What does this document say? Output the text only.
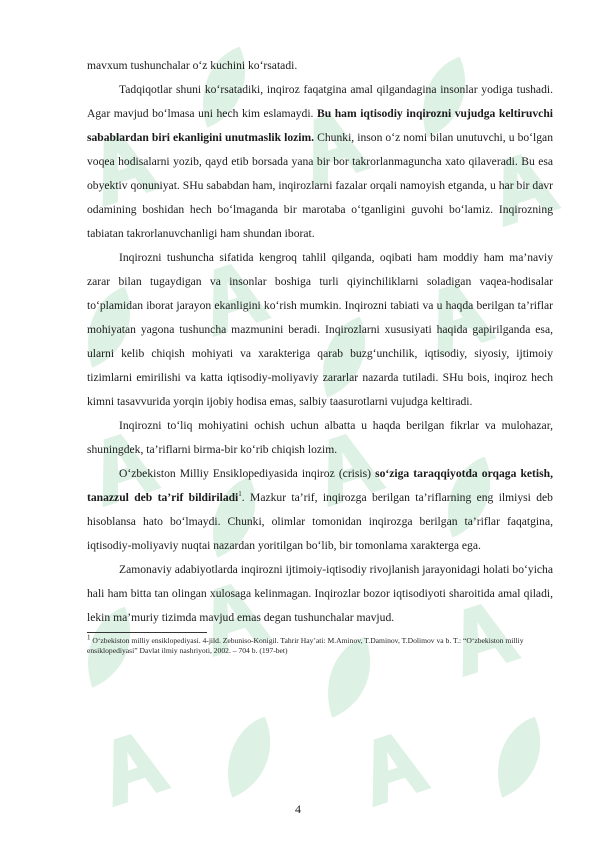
mavxum tushunchalar o‘z kuchini ko‘rsatadi.

Tadqiqotlar shuni ko‘rsatadiki, inqiroz faqatgina amal qilgandagina insonlar yodiga tushadi. Agar mavjud bo‘lmasa uni hech kim eslamaydi. Bu ham iqtisodiy inqirozni vujudga keltiruvchi sabablardan biri ekanligini unutmaslik lozim. Chunki, inson o‘z nomi bilan unutuvchi, u bo‘lgan voqea hodisalarni yozib, qayd etib borsada yana bir bor takrorlanmaguncha xato qilaveradi. Bu esa obyektiv qonuniyat. SHu sababdan ham, inqirozlarni fazalar orqali namoyish etganda, u har bir davr odamining boshidan hech bo‘lmaganda bir marotaba o‘tganligini guvohi bo‘lamiz. Inqirozning tabiatan takrorlanuvchanligi ham shundan iborat.

Inqirozni tushuncha sifatida kengroq tahlil qilganda, oqibati ham moddiy ham ma’naviy zarar bilan tugaydigan va insonlar boshiga turli qiyinchiliklarni soladigan vaqea-hodisalar to‘plamidan iborat jarayon ekanligini ko‘rish mumkin. Inqirozni tabiati va u haqda berilgan ta’riflar mohiyatan yagona tushuncha mazmunini beradi. Inqirozlarni xususiyati haqida gapirilganda esa, ularni kelib chiqish mohiyati va xarakteriga qarab buzg‘unchilik, iqtisodiy, siyosiy, ijtimoiy tizimlarni emirilishi va katta iqtisodiy-moliyaviy zararlar nazarda tutiladi. SHu bois, inqiroz hech kimni tasavvurida yorqin ijobiy hodisa emas, salbiy taasurotlarni vujudga keltiradi.

Inqirozni to‘liq mohiyatini ochish uchun albatta u haqda berilgan fikrlar va mulohazar, shuningdek, ta’riflarni birma-bir ko‘rib chiqish lozim.

O‘zbekiston Milliy Ensiklopediyasida inqiroz (crisis) so‘ziga taraqqiyotda orqaga ketish, tanazzul deb ta’rif bildiriladi$^1$. Mazkur ta’rif, inqirozga berilgan ta’riflarning eng ilmiysi deb hisoblansa hato bo‘lmaydi. Chunki, olimlar tomonidan inqirozga berilgan ta’riflar faqatgina, iqtisodiy-moliyaviy nuqtai nazardan yoritilgan bo‘lib, bir tomonlama xarakterga ega.

Zamonaviy adabiyotlarda inqirozni ijtimoiy-iqtisodiy rivojlanish jarayonidagi holati bo‘yicha hali ham bitta tan olingan xulosaga kelinmagan. Inqirozlar bozor iqtisodiyoti sharoitida amal qiladi, lekin ma’muriy tizimda mavjud emas degan tushunchalar mavjud.

$^1$ O‘zbekiston milliy ensiklopediyasi. 4-jild. Zebuniso-Konigil. Tahrir Hay’ati: M.Aminov, T.Daminov, T.Dolimov va b. T.: “O‘zbekiston milliy ensiklopediyasi” Davlat ilmiy nashriyoti, 2002. – 704 b. (197-bet)
4
